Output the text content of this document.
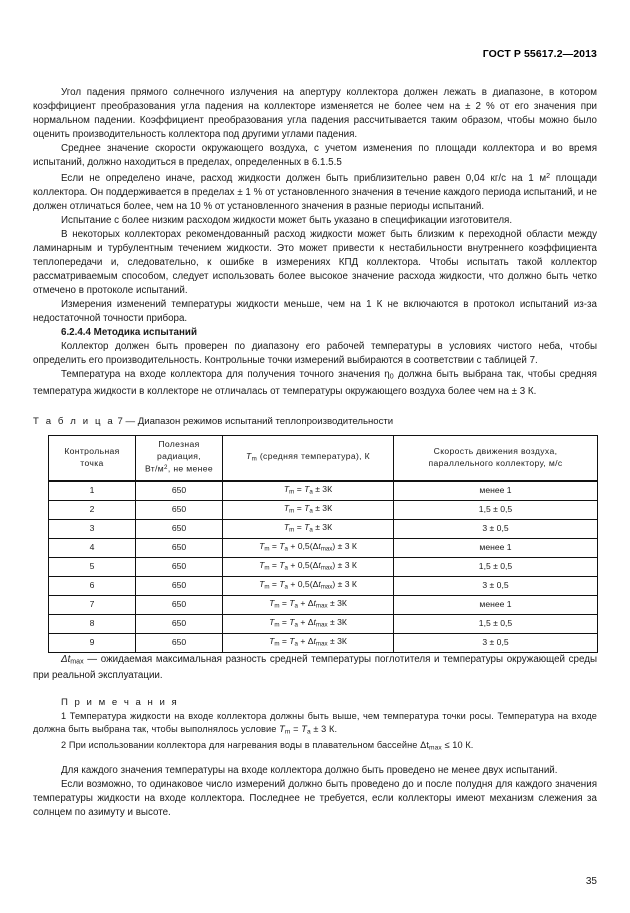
ГОСТ Р 55617.2—2013

Угол падения прямого солнечного излучения на апертуру коллектора должен лежать в диапазоне, в котором коэффициент преобразования угла падения на коллекторе изменяется не более чем на ± 2 % от его значения при нормальном падении. Коэффициент преобразования угла падения рассчитывается таким образом, чтобы можно было оценить производительность коллектора под другими углами падения.

Среднее значение скорости окружающего воздуха, с учетом изменения по площади коллектора и во время испытаний, должно находиться в пределах, определенных в 6.1.5.5

Если не определено иначе, расход жидкости должен быть приблизительно равен 0,04 кг/с на 1 $м^2$ площади коллектора. Он поддерживается в пределах ± 1 % от установленного значения в течение каждого периода испытаний, и не должен отличаться более, чем на 10 % от установленного значения в разные периоды испытаний.

Испытание с более низким расходом жидкости может быть указано в спецификации изготовителя.

В некоторых коллекторах рекомендованный расход жидкости может быть близким к переходной области между ламинарным и турбулентным течением жидкости. Это может привести к нестабильности внутреннего коэффициента теплопередачи и, следовательно, к ошибке в измерениях КПД коллектора. Чтобы испытать такой коллектор рассматриваемым способом, следует использовать более высокое значение расхода жидкости, что должно быть четко отмечено в протоколе испытаний.

Измерения изменений температуры жидкости меньше, чем на 1 К не включаются в протокол испытаний из-за недостаточной точности прибора.

6.2.4.4 Методика испытаний

Коллектор должен быть проверен по диапазону его рабочей температуры в условиях чистого неба, чтобы определить его производительность. Контрольные точки измерений выбираются в соответствии с таблицей 7.

Температура на входе коллектора для получения точного значения $\eta_0$ должна быть выбрана так, чтобы средняя температура жидкости в коллекторе не отличалась от температуры окружающего воздуха более чем на ± 3 К.

Т а б л и ц а 7 — Диапазон режимов испытаний теплопроизводительности
Контрольная
точка	Полезная радиация,
$Вт/м^2$, не менее	$T_m$ (средняя температура), К	Скорость движения воздуха,
параллельного коллектору, м/с
1	650	$T_m = T_a \pm 3К$	менее 1
2	650	$T_m = T_a \pm 3К$	1,5 ± 0,5
3	650	$T_m = T_a \pm 3К$	3 ± 0,5
4	650	$T_m = T_a + 0,5(\Delta t_{max}) \pm 3$ К	менее 1
5	650	$T_m = T_a + 0,5(\Delta t_{max}) \pm 3$ К	1,5 ± 0,5
6	650	$T_m = T_a + 0,5(\Delta t_{max}) \pm 3$ К	3 ± 0,5
7	650	$T_m = T_a + \Delta t_{max} \pm 3К$	менее 1
8	650	$T_m = T_a + \Delta t_{max} \pm 3К$	1,5 ± 0,5
9	650	$T_m = T_a + \Delta t_{max} \pm 3К$	3 ± 0,5

$\Delta t_{max}$ — ожидаемая максимальная разность средней температуры поглотителя и температуры окружающей среды при реальной эксплуатации.

П р и м е ч а н и я

1 Температура жидкости на входе коллектора должны быть выше, чем температура точки росы. Температура на входе должна быть выбрана так, чтобы выполнялось условие $T_m = T_a \pm 3$ К.

2 При использовании коллектора для нагревания воды в плавательном бассейне $\Delta t_{max} \le 10$ К.

Для каждого значения температуры на входе коллектора должно быть проведено не менее двух испытаний.

Если возможно, то одинаковое число измерений должно быть проведено до и после полудня для каждого значения температуры жидкости на входе коллектора. Последнее не требуется, если коллекторы имеют механизм слежения за солнцем по азимуту и высоте.

35
